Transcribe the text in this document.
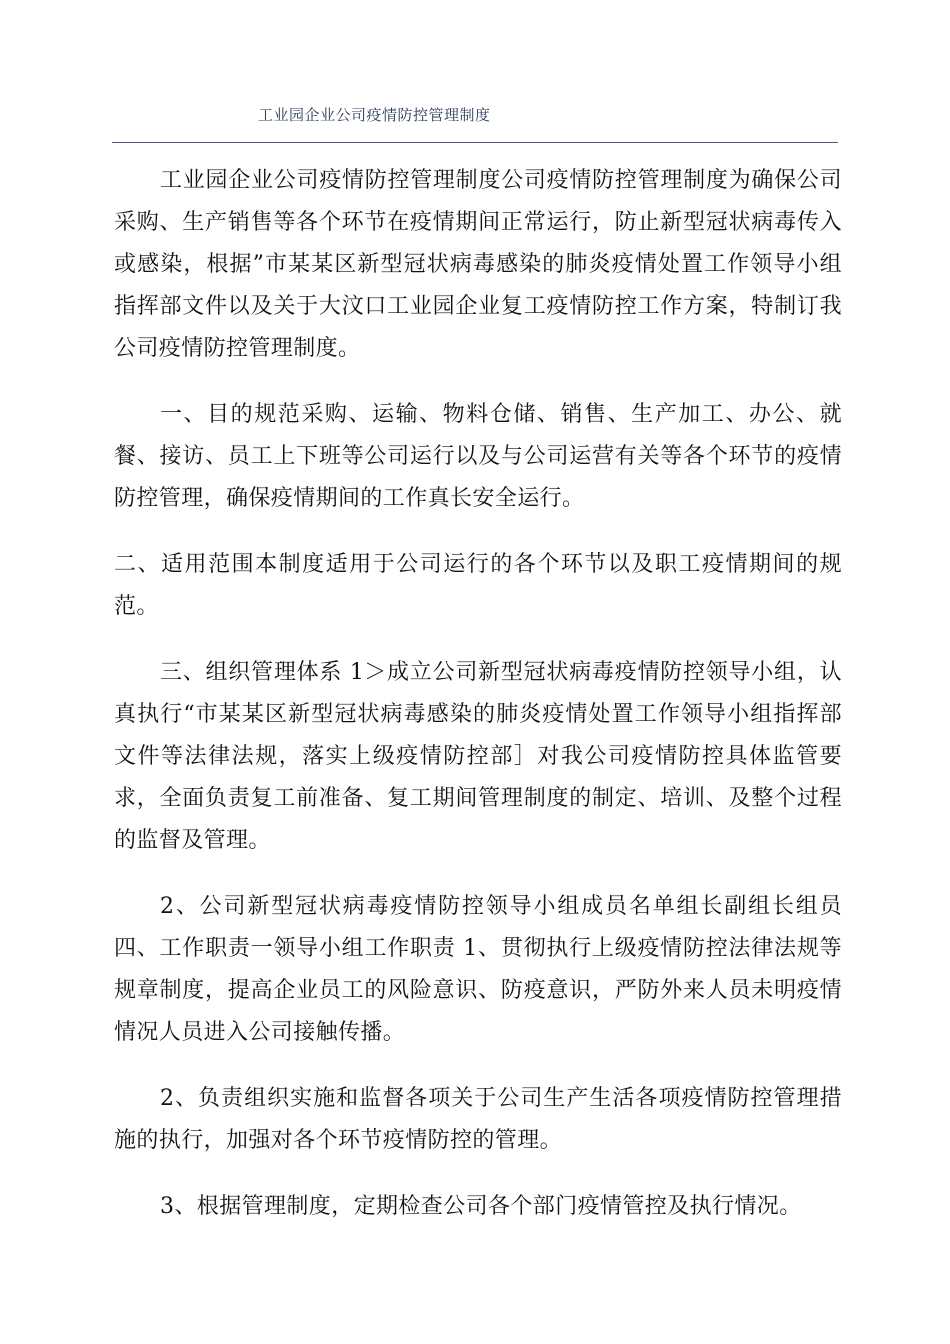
工业园企业公司疫情防控管理制度

工业园企业公司疫情防控管理制度公司疫情防控管理制度为确保公司采购、生产销售等各个环节在疫情期间正常运行，防止新型冠状病毒传入或感染，根据”市某某区新型冠状病毒感染的肺炎疫情处置工作领导小组指挥部文件以及关于大汶口工业园企业复工疫情防控工作方案，特制订我公司疫情防控管理制度。

一、目的规范采购、运输、物料仓储、销售、生产加工、办公、就餐、接访、员工上下班等公司运行以及与公司运营有关等各个环节的疫情防控管理，确保疫情期间的工作真长安全运行。

二、适用范围本制度适用于公司运行的各个环节以及职工疫情期间的规范。

三、组织管理体系 1＞成立公司新型冠状病毒疫情防控领导小组，认真执行“市某某区新型冠状病毒感染的肺炎疫情处置工作领导小组指挥部文件等法律法规，落实上级疫情防控部］对我公司疫情防控具体监管要求，全面负责复工前准备、复工期间管理制度的制定、培训、及整个过程的监督及管理。

2、公司新型冠状病毒疫情防控领导小组成员名单组长副组长组员四、工作职责一领导小组工作职责 1、贯彻执行上级疫情防控法律法规等规章制度，提高企业员工的风险意识、防疫意识，严防外来人员未明疫情情况人员进入公司接触传播。

2、负责组织实施和监督各项关于公司生产生活各项疫情防控管理措施的执行，加强对各个环节疫情防控的管理。

3、根据管理制度，定期检查公司各个部门疫情管控及执行情况。
